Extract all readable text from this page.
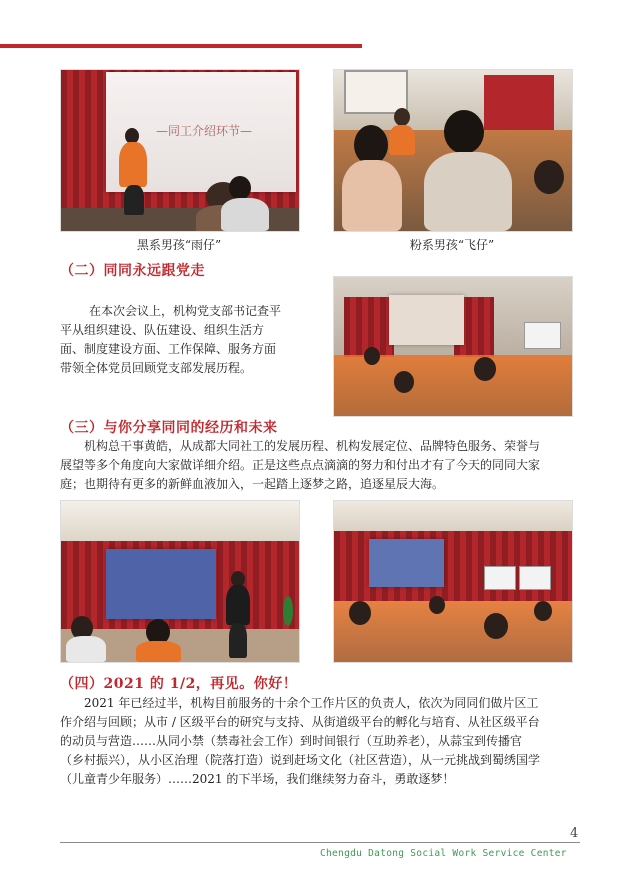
—同工介绍环节—
黑系男孩“雨仔”	粉系男孩“飞仔”
（二）同同永远跟党走

在本次会议上，机构党支部书记查平
平从组织建设、队伍建设、组织生活方
面、制度建设方面、工作保障、服务方面
带领全体党员回顾党支部发展历程。

（三）与你分享同同的经历和未来

机构总干事黄皓，从成都大同社工的发展历程、机构发展定位、品牌特色服务、荣誉与
展望等多个角度向大家做详细介绍。正是这些点点滴滴的努力和付出才有了今天的同同大家
庭；也期待有更多的新鲜血液加入，一起踏上逐梦之路，追逐星辰大海。

（四）2021 的 1/2，再见。你好！

2021 年已经过半，机构目前服务的十余个工作片区的负责人，依次为同同们做片区工
作介绍与回顾；从市 / 区级平台的研究与支持、从街道级平台的孵化与培育、从社区级平台
的动员与营造……从同小禁（禁毒社会工作）到时间银行（互助养老），从蒜宝到传播官
（乡村振兴），从小区治理（院落打造）说到赶场文化（社区营造），从一元挑战到蜀绣国学
（儿童青少年服务）……2021 的下半场，我们继续努力奋斗，勇敢逐梦！

4
Chengdu Datong Social Work Service Center
